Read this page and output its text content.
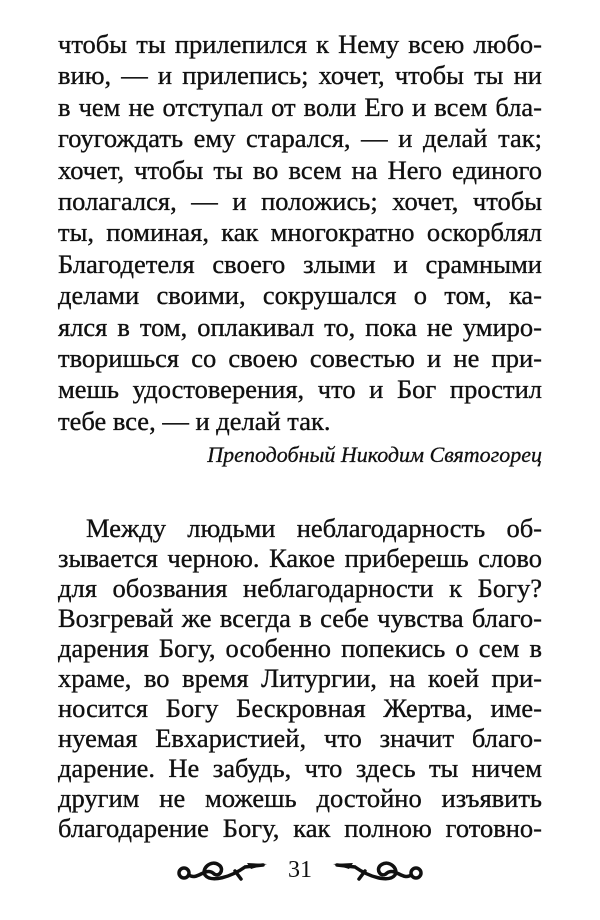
чтобы ты прилепился к Нему всею любо-
вию, — и прилепись; хочет, чтобы ты ни
в чем не отступал от воли Его и всем бла-
гоугождать ему старался, — и делай так;
хочет, чтобы ты во всем на Него единого
полагался, — и положись; хочет, чтобы
ты, поминая, как многократно оскорблял
Благодетеля своего злыми и срамными
делами своими, сокрушался о том, ка-
ялся в том, оплакивал то, пока не умиро-
творишься со своею совестью и не при-
мешь удостоверения, что и Бог простил
тебе все, — и делай так.
Преподобный Никодим Святогорец
Между людьми неблагодарность об-
зывается черною. Какое приберешь слово
для обозвания неблагодарности к Богу?
Возгревай же всегда в себе чувства благо-
дарения Богу, особенно попекись о сем в
храме, во время Литургии, на коей при-
носится Богу Бескровная Жертва, име-
нуемая Евхаристией, что значит благо-
дарение. Не забудь, что здесь ты ничем
другим не можешь достойно изъявить
благодарение Богу, как полною готовно-
31
